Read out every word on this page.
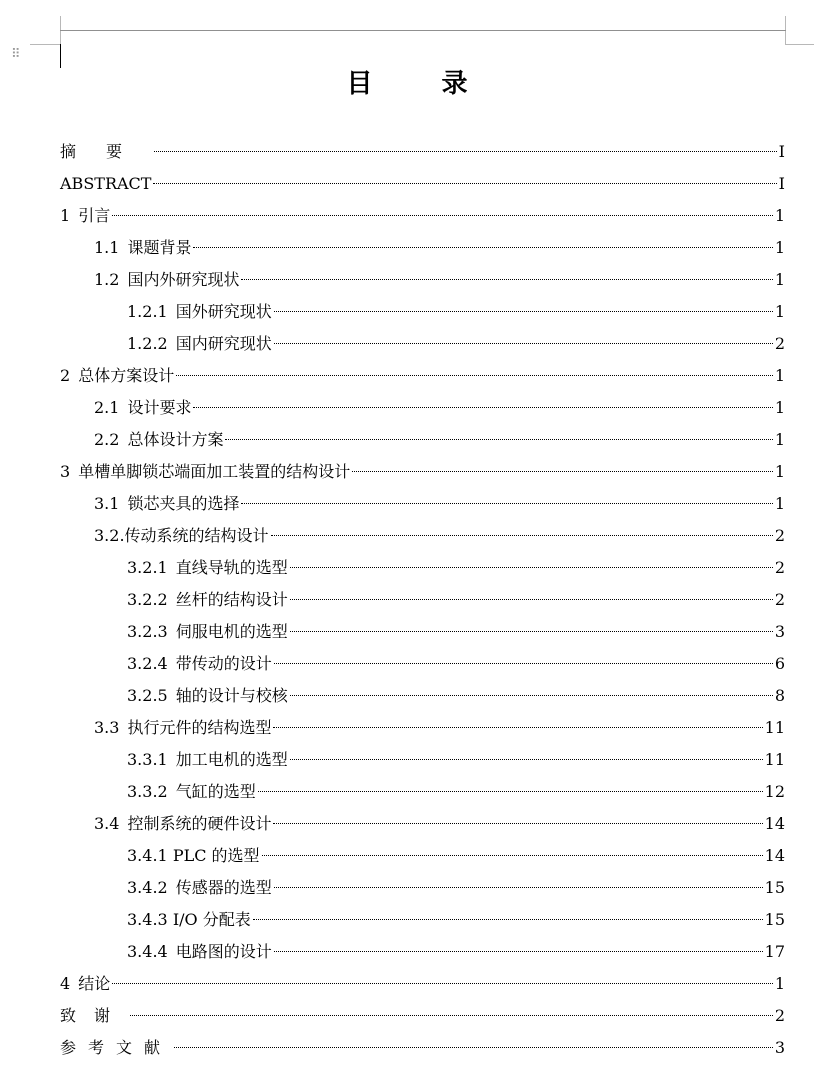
⠿
目 录
摘要	I
ABSTRACT	I
1 引言	1
1.1 课题背景	1
1.2 国内外研究现状	1
1.2.1 国外研究现状	1
1.2.2 国内研究现状	2
2 总体方案设计	1
2.1 设计要求	1
2.2 总体设计方案	1
3 单槽单脚锁芯端面加工装置的结构设计	1
3.1 锁芯夹具的选择	1
3.2.传动系统的结构设计	2
3.2.1 直线导轨的选型	2
3.2.2 丝杆的结构设计	2
3.2.3 伺服电机的选型	3
3.2.4 带传动的设计	6
3.2.5 轴的设计与校核	8
3.3 执行元件的结构选型	11
3.3.1 加工电机的选型	11
3.3.2 气缸的选型	12
3.4 控制系统的硬件设计	14
3.4.1 PLC 的选型	14
3.4.2 传感器的选型	15
3.4.3 I/O 分配表	15
3.4.4 电路图的设计	17
4 结论	1
致谢	2
参考文献	3
